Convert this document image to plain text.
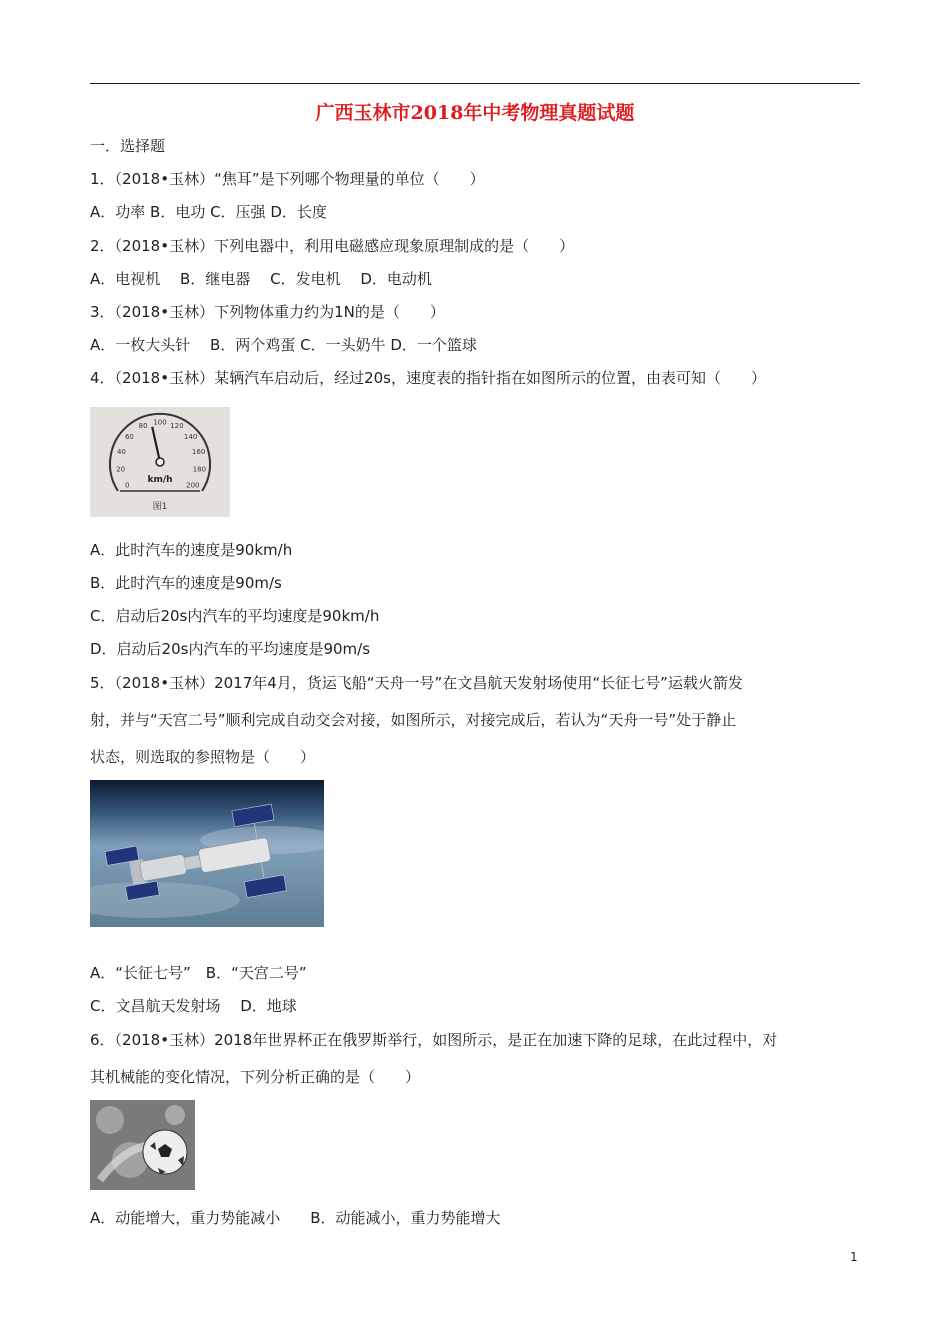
广西玉林市2018年中考物理真题试题
一．选择题
1．（2018•玉林）“焦耳”是下列哪个物理量的单位（　　）
A．功率 B．电功 C．压强 D．长度
2．（2018•玉林）下列电器中，利用电磁感应现象原理制成的是（　　）
A．电视机　 B．继电器　 C．发电机　 D．电动机
3．（2018•玉林）下列物体重力约为1N的是（　　）
A．一枚大头针　 B．两个鸡蛋 C．一头奶牛 D．一个篮球
4．（2018•玉林）某辆汽车启动后，经过20s，速度表的指针指在如图所示的位置，由表可知（　　）
0
20
40
60
80 100 120
140
160
180
200
km/h
图1
A．此时汽车的速度是90km/h
B．此时汽车的速度是90m/s
C．启动后20s内汽车的平均速度是90km/h
D．启动后20s内汽车的平均速度是90m/s
5．（2018•玉林）2017年4月，货运飞船“天舟一号”在文昌航天发射场使用“长征七号”运载火箭发
射，并与“天宫二号”顺利完成自动交会对接，如图所示，对接完成后，若认为“天舟一号”处于静止
状态，则选取的参照物是（　　）
A．“长征七号”　B．“天宫二号”
C．文昌航天发射场　 D．地球
6．（2018•玉林）2018年世界杯正在俄罗斯举行，如图所示，是正在加速下降的足球，在此过程中，对
其机械能的变化情况，下列分析正确的是（　　）
A．动能增大，重力势能减小　　B．动能减小，重力势能增大
1
